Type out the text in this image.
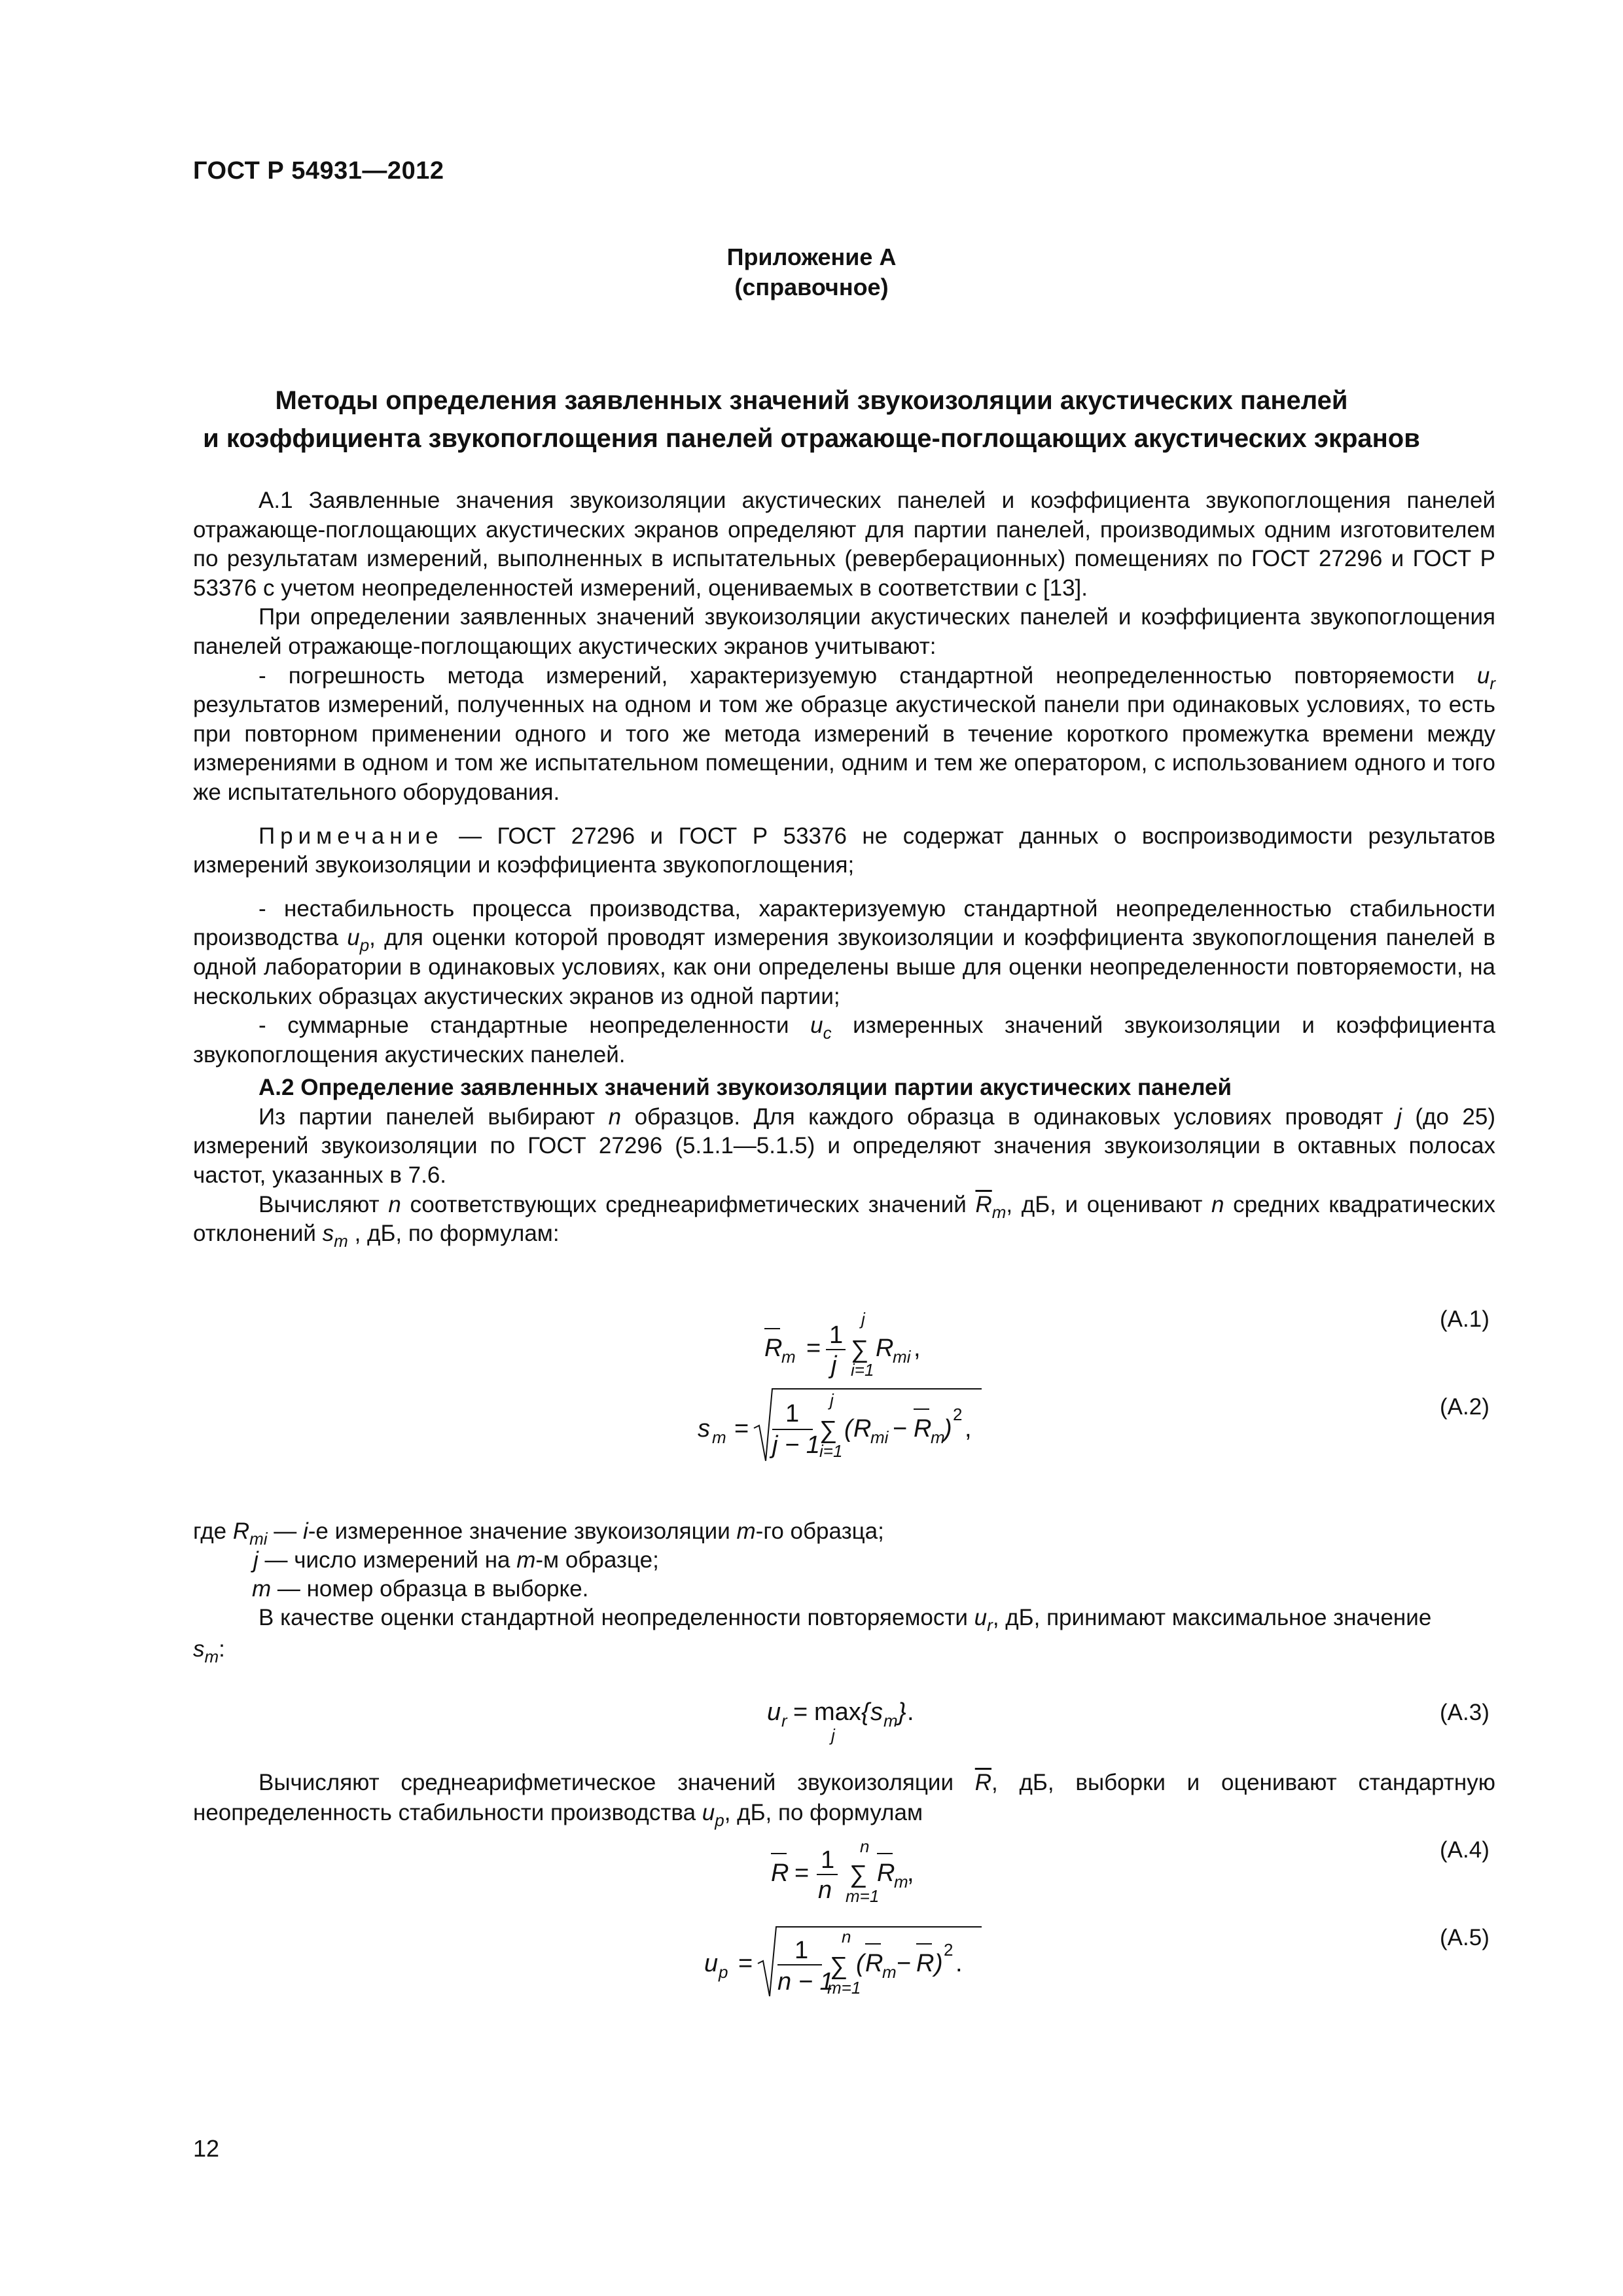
ГОСТ Р 54931—2012
Приложение А
(справочное)
Методы определения заявленных значений звукоизоляции акустических панелей
и коэффициента звукопоглощения панелей отражающе-поглощающих акустических экранов

А.1 Заявленные значения звукоизоляции акустических панелей и коэффициента звукопоглощения панелей отражающе-поглощающих акустических экранов определяют для партии панелей, производимых одним изготовителем по результатам измерений, выполненных в испытательных (реверберационных) помещениях по ГОСТ 27296 и ГОСТ Р 53376 с учетом неопределенностей измерений, оцениваемых в соответствии с [13].

При определении заявленных значений звукоизоляции акустических панелей и коэффициента звукопоглощения панелей отражающе-поглощающих акустических экранов учитывают:

- погрешность метода измерений, характеризуемую стандартной неопределенностью повторяемости $u_r$ результатов измерений, полученных на одном и том же образце акустической панели при одинаковых условиях, то есть при повторном применении одного и того же метода измерений в течение короткого промежутка времени между измерениями в одном и том же испытательном помещении, одним и тем же оператором, с использованием одного и того же испытательного оборудования.

Примечание — ГОСТ 27296 и ГОСТ Р 53376 не содержат данных о воспроизводимости результатов измерений звукоизоляции и коэффициента звукопоглощения;

- нестабильность процесса производства, характеризуемую стандартной неопределенностью стабильности производства $u_p$, для оценки которой проводят измерения звукоизоляции и коэффициента звукопоглощения панелей в одной лаборатории в одинаковых условиях, как они определены выше для оценки неопределенности повторяемости, на нескольких образцах акустических экранов из одной партии;

- суммарные стандартные неопределенности $u_c$ измеренных значений звукоизоляции и коэффициента звукопоглощения акустических панелей.

А.2 Определение заявленных значений звукоизоляции партии акустических панелей

Из партии панелей выбирают n образцов. Для каждого образца в одинаковых условиях проводят j (до 25) измерений звукоизоляции по ГОСТ 27296 (5.1.1—5.1.5) и определяют значения звукоизоляции в октавных полосах частот, указанных в 7.6.

Вычисляют n соответствующих среднеарифметических значений $\overline{R}_m$, дБ, и оценивают n средних квадратических отклонений $s_m$ , дБ, по формулам:

R
m = 1
j
j
∑
i=1
R
mi ,
(А.1)
s m =
1
j − 1
j
∑
i=1
( R
mi − R
m
)
2
,
(А.2)
u r = max
j
{ s m } .	(А.3)
R = 1
n
n
∑
m=1
R
m
,
(А.4)
u p = 1
n − 1
n
∑
m=1
( R
m − R ) 2 .
(А.5)
где $R_{mi}$ — i-е измеренное значение звукоизоляции m-го образца;
j — число измерений на m-м образце;
m — номер образца в выборке.
В качестве оценки стандартной неопределенности повторяемости $u_r$, дБ, принимают максимальное значение
$s_m$:
Вычисляют среднеарифметическое значений звукоизоляции $\overline{R}$, дБ, выборки и оценивают стандартную
неопределенность стабильности производства $u_p$, дБ, по формулам
12
